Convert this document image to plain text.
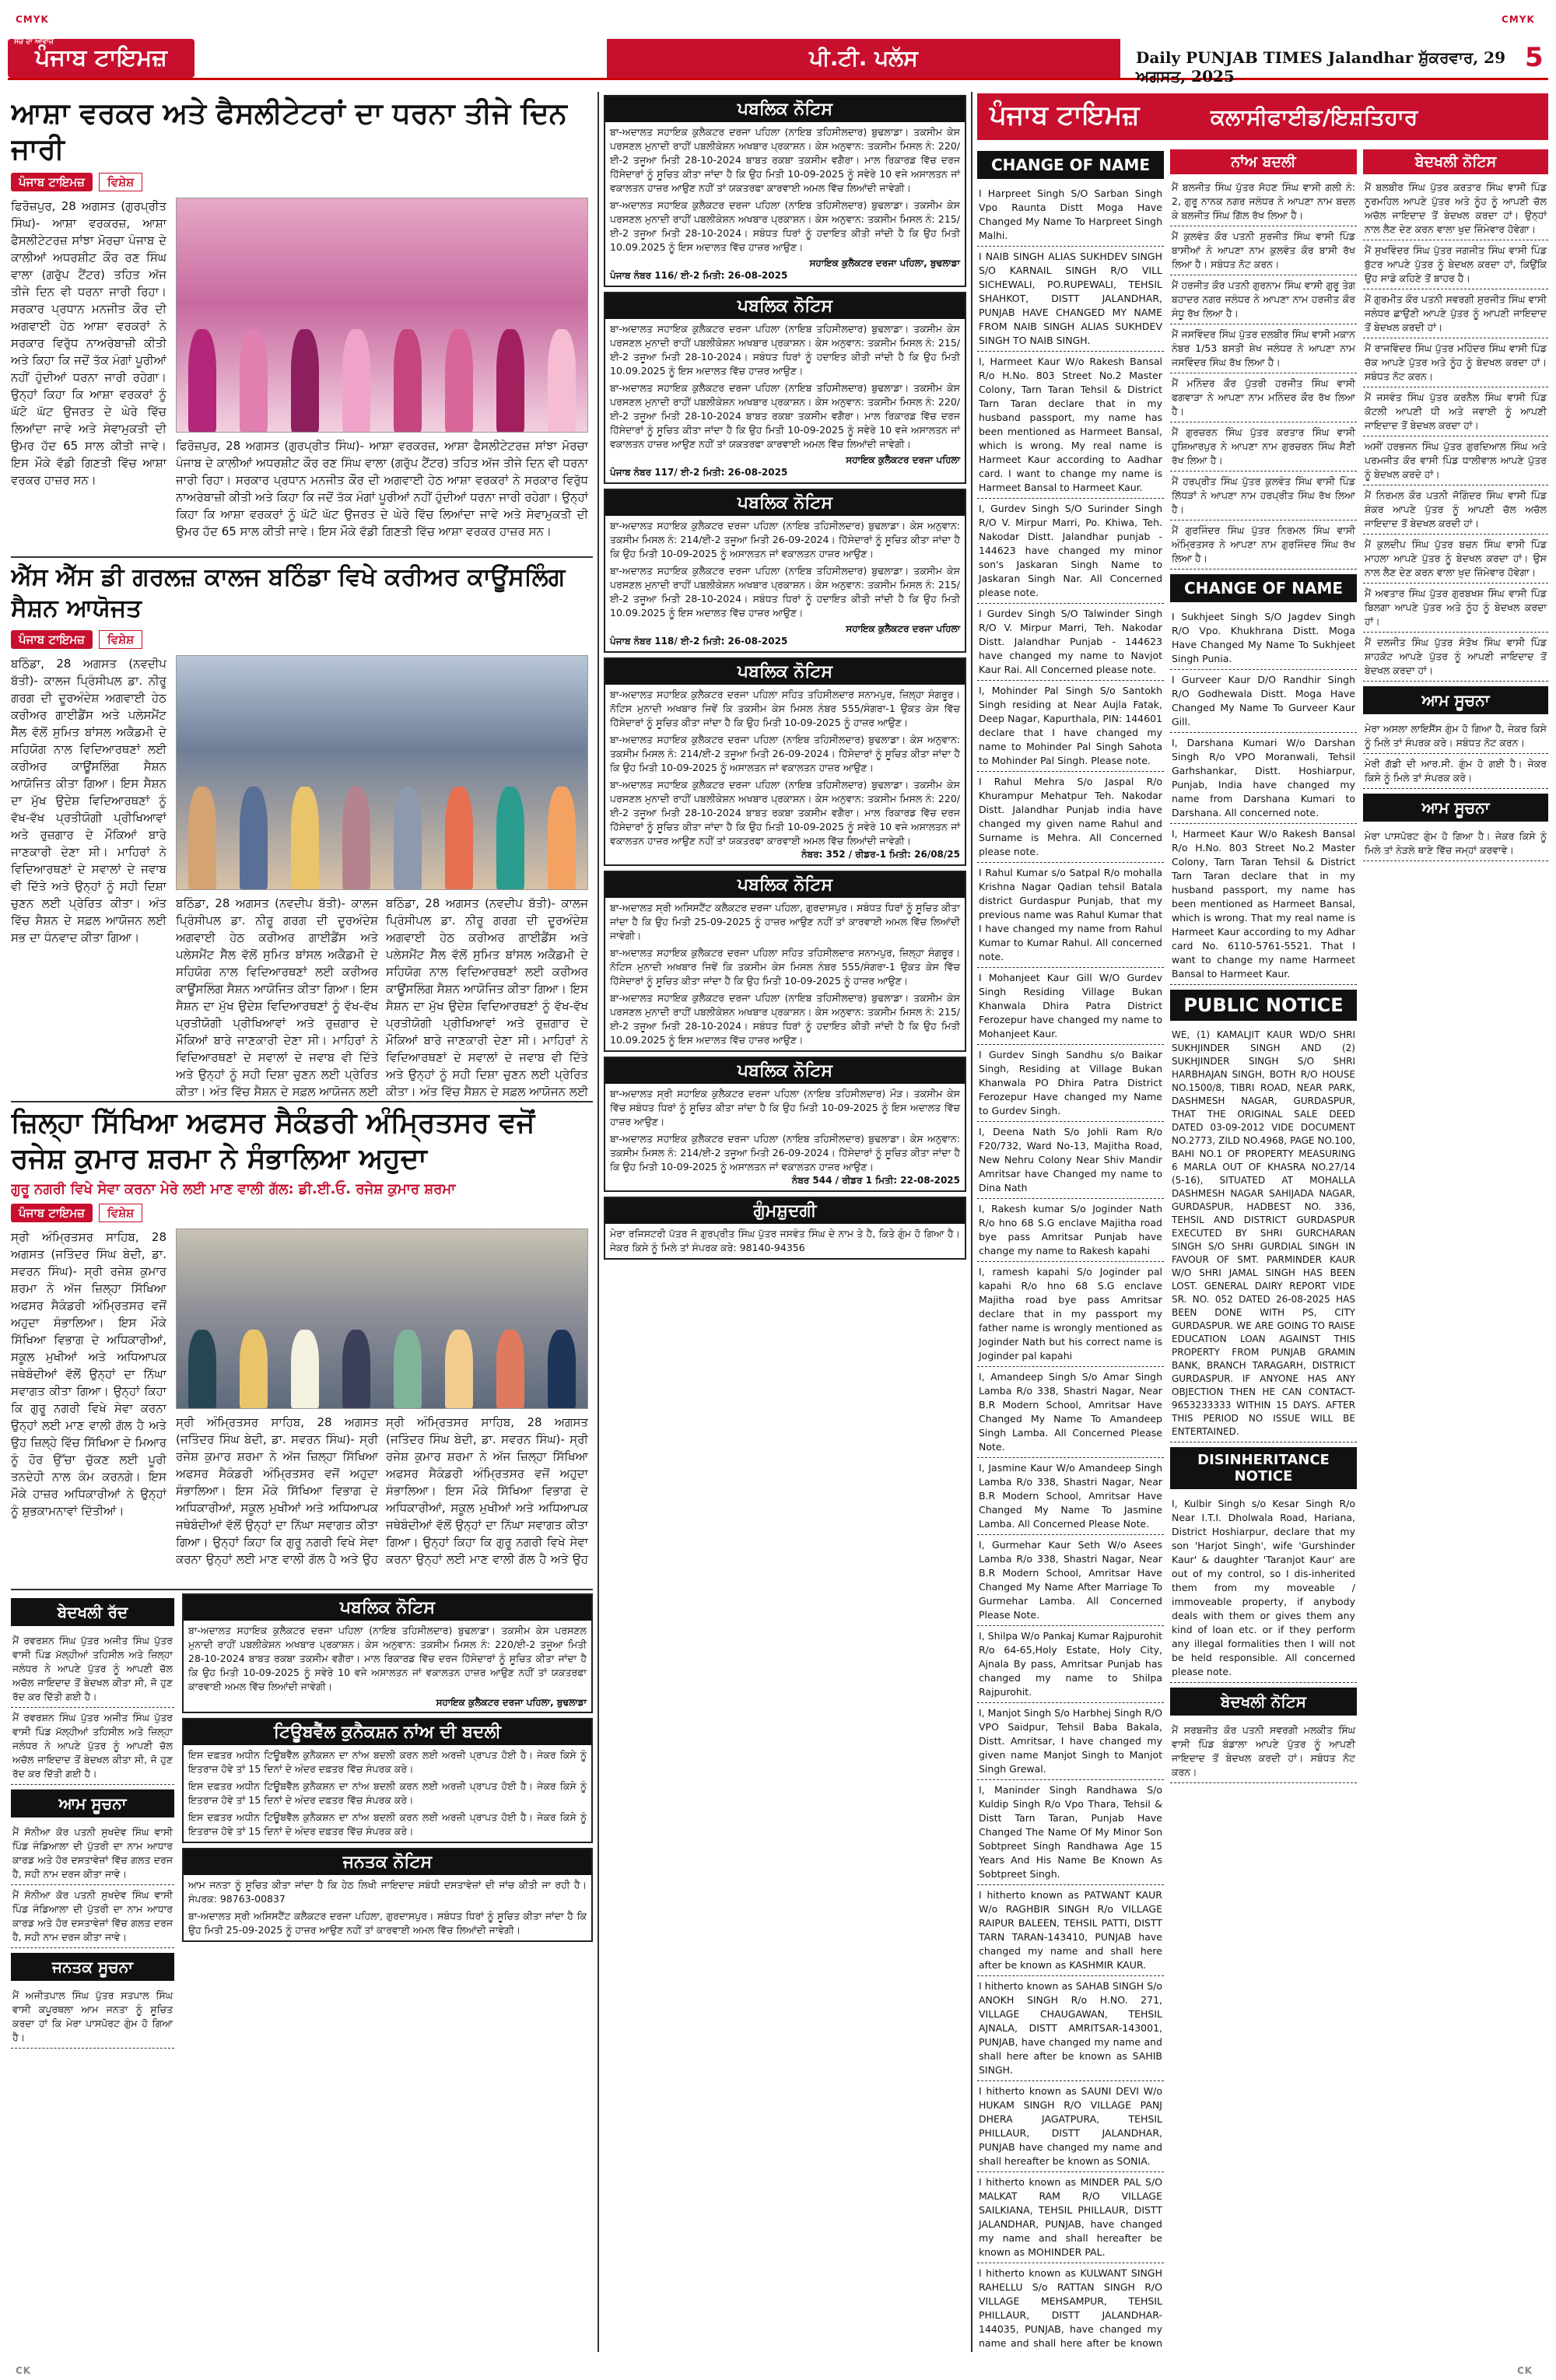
CMYK	CMYK
CK	CK
ਸਚ ਦਾ ਆਵਾਜ
ਪੰਜਾਬ ਟਾਇਮਜ਼	ਪੀ.ਟੀ. ਪਲੱਸ	Daily PUNJAB TIMES Jalandhar ਸ਼ੁੱਕਰਵਾਰ, 29 ਅਗਸਤ, 2025
5
ਆਸ਼ਾ ਵਰਕਰ ਅਤੇ ਫੈਸਲੀਟੇਟਰਾਂ ਦਾ ਧਰਨਾ ਤੀਜੇ ਦਿਨ ਜਾਰੀ
ਪੰਜਾਬ ਟਾਇਮਜ਼	ਵਿਸ਼ੇਸ਼
ਫਿਰੋਜ਼ਪੁਰ, 28 ਅਗਸਤ (ਗੁਰਪ੍ਰੀਤ ਸਿੰਘ)- ਆਸ਼ਾ ਵਰਕਰਜ਼, ਆਸ਼ਾ ਫੈਸਲੀਟੇਟਰਜ਼ ਸਾਂਝਾ ਮੋਰਚਾ ਪੰਜਾਬ ਦੇ ਕਾਲੀਆਂ ਅਧਰਸ਼ੀਟ ਕੌਰ ਰਣ ਸਿੰਘ ਵਾਲਾ (ਗਰੁੱਪ ਟੈਂਟਰ) ਤਹਿਤ ਅੱਜ ਤੀਜੇ ਦਿਨ ਵੀ ਧਰਨਾ ਜਾਰੀ ਰਿਹਾ। ਸਰਕਾਰ ਪ੍ਰਧਾਨ ਮਨਜੀਤ ਕੌਰ ਦੀ ਅਗਵਾਈ ਹੇਠ ਆਸ਼ਾ ਵਰਕਰਾਂ ਨੇ ਸਰਕਾਰ ਵਿਰੁੱਧ ਨਾਅਰੇਬਾਜ਼ੀ ਕੀਤੀ ਅਤੇ ਕਿਹਾ ਕਿ ਜਦੋਂ ਤੱਕ ਮੰਗਾਂ ਪੂਰੀਆਂ ਨਹੀਂ ਹੁੰਦੀਆਂ ਧਰਨਾ ਜਾਰੀ ਰਹੇਗਾ। ਉਨ੍ਹਾਂ ਕਿਹਾ ਕਿ ਆਸ਼ਾ ਵਰਕਰਾਂ ਨੂੰ ਘੱਟੋ ਘੱਟ ਉਜਰਤ ਦੇ ਘੇਰੇ ਵਿੱਚ ਲਿਆਂਦਾ ਜਾਵੇ ਅਤੇ ਸੇਵਾਮੁਕਤੀ ਦੀ ਉਮਰ ਹੱਦ 65 ਸਾਲ ਕੀਤੀ ਜਾਵੇ। ਇਸ ਮੌਕੇ ਵੱਡੀ ਗਿਣਤੀ ਵਿੱਚ ਆਸ਼ਾ ਵਰਕਰ ਹਾਜ਼ਰ ਸਨ।
ਫਿਰੋਜ਼ਪੁਰ, 28 ਅਗਸਤ (ਗੁਰਪ੍ਰੀਤ ਸਿੰਘ)- ਆਸ਼ਾ ਵਰਕਰਜ਼, ਆਸ਼ਾ ਫੈਸਲੀਟੇਟਰਜ਼ ਸਾਂਝਾ ਮੋਰਚਾ ਪੰਜਾਬ ਦੇ ਕਾਲੀਆਂ ਅਧਰਸ਼ੀਟ ਕੌਰ ਰਣ ਸਿੰਘ ਵਾਲਾ (ਗਰੁੱਪ ਟੈਂਟਰ) ਤਹਿਤ ਅੱਜ ਤੀਜੇ ਦਿਨ ਵੀ ਧਰਨਾ ਜਾਰੀ ਰਿਹਾ। ਸਰਕਾਰ ਪ੍ਰਧਾਨ ਮਨਜੀਤ ਕੌਰ ਦੀ ਅਗਵਾਈ ਹੇਠ ਆਸ਼ਾ ਵਰਕਰਾਂ ਨੇ ਸਰਕਾਰ ਵਿਰੁੱਧ ਨਾਅਰੇਬਾਜ਼ੀ ਕੀਤੀ ਅਤੇ ਕਿਹਾ ਕਿ ਜਦੋਂ ਤੱਕ ਮੰਗਾਂ ਪੂਰੀਆਂ ਨਹੀਂ ਹੁੰਦੀਆਂ ਧਰਨਾ ਜਾਰੀ ਰਹੇਗਾ। ਉਨ੍ਹਾਂ ਕਿਹਾ ਕਿ ਆਸ਼ਾ ਵਰਕਰਾਂ ਨੂੰ ਘੱਟੋ ਘੱਟ ਉਜਰਤ ਦੇ ਘੇਰੇ ਵਿੱਚ ਲਿਆਂਦਾ ਜਾਵੇ ਅਤੇ ਸੇਵਾਮੁਕਤੀ ਦੀ ਉਮਰ ਹੱਦ 65 ਸਾਲ ਕੀਤੀ ਜਾਵੇ। ਇਸ ਮੌਕੇ ਵੱਡੀ ਗਿਣਤੀ ਵਿੱਚ ਆਸ਼ਾ ਵਰਕਰ ਹਾਜ਼ਰ ਸਨ।
ਐੱਸ ਐੱਸ ਡੀ ਗਰਲਜ਼ ਕਾਲਜ ਬਠਿੰਡਾ ਵਿਖੇ ਕਰੀਅਰ ਕਾਊਂਸਲਿੰਗ ਸੈਸ਼ਨ ਆਯੋਜਤ
ਪੰਜਾਬ ਟਾਇਮਜ਼	ਵਿਸ਼ੇਸ਼
ਬਠਿੰਡਾ, 28 ਅਗਸਤ (ਨਵਦੀਪ ਬੱਤੀ)- ਕਾਲਜ ਪ੍ਰਿੰਸੀਪਲ ਡਾ. ਨੀਰੂ ਗਰਗ ਦੀ ਦੂਰਅੰਦੇਸ਼ ਅਗਵਾਈ ਹੇਠ ਕਰੀਅਰ ਗਾਈਡੈਂਸ ਅਤੇ ਪਲੇਸਮੈਂਟ ਸੈੱਲ ਵੱਲੋਂ ਸੁਮਿਤ ਬਾਂਸਲ ਅਕੈਡਮੀ ਦੇ ਸਹਿਯੋਗ ਨਾਲ ਵਿਦਿਆਰਥਣਾਂ ਲਈ ਕਰੀਅਰ ਕਾਊਂਸਲਿੰਗ ਸੈਸ਼ਨ ਆਯੋਜਿਤ ਕੀਤਾ ਗਿਆ। ਇਸ ਸੈਸ਼ਨ ਦਾ ਮੁੱਖ ਉਦੇਸ਼ ਵਿਦਿਆਰਥਣਾਂ ਨੂੰ ਵੱਖ-ਵੱਖ ਪ੍ਰਤੀਯੋਗੀ ਪ੍ਰੀਖਿਆਵਾਂ ਅਤੇ ਰੁਜ਼ਗਾਰ ਦੇ ਮੌਕਿਆਂ ਬਾਰੇ ਜਾਣਕਾਰੀ ਦੇਣਾ ਸੀ। ਮਾਹਿਰਾਂ ਨੇ ਵਿਦਿਆਰਥਣਾਂ ਦੇ ਸਵਾਲਾਂ ਦੇ ਜਵਾਬ ਵੀ ਦਿੱਤੇ ਅਤੇ ਉਨ੍ਹਾਂ ਨੂੰ ਸਹੀ ਦਿਸ਼ਾ ਚੁਣਨ ਲਈ ਪ੍ਰੇਰਿਤ ਕੀਤਾ। ਅੰਤ ਵਿੱਚ ਸੈਸ਼ਨ ਦੇ ਸਫ਼ਲ ਆਯੋਜਨ ਲਈ ਸਭ ਦਾ ਧੰਨਵਾਦ ਕੀਤਾ ਗਿਆ।
ਬਠਿੰਡਾ, 28 ਅਗਸਤ (ਨਵਦੀਪ ਬੱਤੀ)- ਕਾਲਜ ਪ੍ਰਿੰਸੀਪਲ ਡਾ. ਨੀਰੂ ਗਰਗ ਦੀ ਦੂਰਅੰਦੇਸ਼ ਅਗਵਾਈ ਹੇਠ ਕਰੀਅਰ ਗਾਈਡੈਂਸ ਅਤੇ ਪਲੇਸਮੈਂਟ ਸੈੱਲ ਵੱਲੋਂ ਸੁਮਿਤ ਬਾਂਸਲ ਅਕੈਡਮੀ ਦੇ ਸਹਿਯੋਗ ਨਾਲ ਵਿਦਿਆਰਥਣਾਂ ਲਈ ਕਰੀਅਰ ਕਾਊਂਸਲਿੰਗ ਸੈਸ਼ਨ ਆਯੋਜਿਤ ਕੀਤਾ ਗਿਆ। ਇਸ ਸੈਸ਼ਨ ਦਾ ਮੁੱਖ ਉਦੇਸ਼ ਵਿਦਿਆਰਥਣਾਂ ਨੂੰ ਵੱਖ-ਵੱਖ ਪ੍ਰਤੀਯੋਗੀ ਪ੍ਰੀਖਿਆਵਾਂ ਅਤੇ ਰੁਜ਼ਗਾਰ ਦੇ ਮੌਕਿਆਂ ਬਾਰੇ ਜਾਣਕਾਰੀ ਦੇਣਾ ਸੀ। ਮਾਹਿਰਾਂ ਨੇ ਵਿਦਿਆਰਥਣਾਂ ਦੇ ਸਵਾਲਾਂ ਦੇ ਜਵਾਬ ਵੀ ਦਿੱਤੇ ਅਤੇ ਉਨ੍ਹਾਂ ਨੂੰ ਸਹੀ ਦਿਸ਼ਾ ਚੁਣਨ ਲਈ ਪ੍ਰੇਰਿਤ ਕੀਤਾ। ਅੰਤ ਵਿੱਚ ਸੈਸ਼ਨ ਦੇ ਸਫ਼ਲ ਆਯੋਜਨ ਲਈ
ਬਠਿੰਡਾ, 28 ਅਗਸਤ (ਨਵਦੀਪ ਬੱਤੀ)- ਕਾਲਜ ਪ੍ਰਿੰਸੀਪਲ ਡਾ. ਨੀਰੂ ਗਰਗ ਦੀ ਦੂਰਅੰਦੇਸ਼ ਅਗਵਾਈ ਹੇਠ ਕਰੀਅਰ ਗਾਈਡੈਂਸ ਅਤੇ ਪਲੇਸਮੈਂਟ ਸੈੱਲ ਵੱਲੋਂ ਸੁਮਿਤ ਬਾਂਸਲ ਅਕੈਡਮੀ ਦੇ ਸਹਿਯੋਗ ਨਾਲ ਵਿਦਿਆਰਥਣਾਂ ਲਈ ਕਰੀਅਰ ਕਾਊਂਸਲਿੰਗ ਸੈਸ਼ਨ ਆਯੋਜਿਤ ਕੀਤਾ ਗਿਆ। ਇਸ ਸੈਸ਼ਨ ਦਾ ਮੁੱਖ ਉਦੇਸ਼ ਵਿਦਿਆਰਥਣਾਂ ਨੂੰ ਵੱਖ-ਵੱਖ ਪ੍ਰਤੀਯੋਗੀ ਪ੍ਰੀਖਿਆਵਾਂ ਅਤੇ ਰੁਜ਼ਗਾਰ ਦੇ ਮੌਕਿਆਂ ਬਾਰੇ ਜਾਣਕਾਰੀ ਦੇਣਾ ਸੀ। ਮਾਹਿਰਾਂ ਨੇ ਵਿਦਿਆਰਥਣਾਂ ਦੇ ਸਵਾਲਾਂ ਦੇ ਜਵਾਬ ਵੀ ਦਿੱਤੇ ਅਤੇ ਉਨ੍ਹਾਂ ਨੂੰ ਸਹੀ ਦਿਸ਼ਾ ਚੁਣਨ ਲਈ ਪ੍ਰੇਰਿਤ ਕੀਤਾ। ਅੰਤ ਵਿੱਚ ਸੈਸ਼ਨ ਦੇ ਸਫ਼ਲ ਆਯੋਜਨ ਲਈ
ਜ਼ਿਲ੍ਹਾ ਸਿੱਖਿਆ ਅਫਸਰ ਸੈਕੰਡਰੀ ਅੰਮ੍ਰਿਤਸਰ ਵਜੋਂ
ਰਜੇਸ਼ ਕੁਮਾਰ ਸ਼ਰਮਾ ਨੇ ਸੰਭਾਲਿਆ ਅਹੁਦਾ
ਗੁਰੂ ਨਗਰੀ ਵਿਖੇ ਸੇਵਾ ਕਰਨਾ ਮੇਰੇ ਲਈ ਮਾਣ ਵਾਲੀ ਗੱਲ: ਡੀ.ਈ.ਓ. ਰਜੇਸ਼ ਕੁਮਾਰ ਸ਼ਰਮਾ
ਪੰਜਾਬ ਟਾਇਮਜ਼	ਵਿਸ਼ੇਸ਼
ਸ੍ਰੀ ਅੰਮ੍ਰਿਤਸਰ ਸਾਹਿਬ, 28 ਅਗਸਤ (ਜਤਿੰਦਰ ਸਿੰਘ ਬੇਦੀ, ਡਾ. ਸਵਰਨ ਸਿੰਘ)- ਸ੍ਰੀ ਰਜੇਸ਼ ਕੁਮਾਰ ਸ਼ਰਮਾ ਨੇ ਅੱਜ ਜ਼ਿਲ੍ਹਾ ਸਿੱਖਿਆ ਅਫਸਰ ਸੈਕੰਡਰੀ ਅੰਮ੍ਰਿਤਸਰ ਵਜੋਂ ਅਹੁਦਾ ਸੰਭਾਲਿਆ। ਇਸ ਮੌਕੇ ਸਿੱਖਿਆ ਵਿਭਾਗ ਦੇ ਅਧਿਕਾਰੀਆਂ, ਸਕੂਲ ਮੁਖੀਆਂ ਅਤੇ ਅਧਿਆਪਕ ਜਥੇਬੰਦੀਆਂ ਵੱਲੋਂ ਉਨ੍ਹਾਂ ਦਾ ਨਿੱਘਾ ਸਵਾਗਤ ਕੀਤਾ ਗਿਆ। ਉਨ੍ਹਾਂ ਕਿਹਾ ਕਿ ਗੁਰੂ ਨਗਰੀ ਵਿਖੇ ਸੇਵਾ ਕਰਨਾ ਉਨ੍ਹਾਂ ਲਈ ਮਾਣ ਵਾਲੀ ਗੱਲ ਹੈ ਅਤੇ ਉਹ ਜ਼ਿਲ੍ਹੇ ਵਿੱਚ ਸਿੱਖਿਆ ਦੇ ਮਿਆਰ ਨੂੰ ਹੋਰ ਉੱਚਾ ਚੁੱਕਣ ਲਈ ਪੂਰੀ ਤਨਦੇਹੀ ਨਾਲ ਕੰਮ ਕਰਨਗੇ। ਇਸ ਮੌਕੇ ਹਾਜ਼ਰ ਅਧਿਕਾਰੀਆਂ ਨੇ ਉਨ੍ਹਾਂ ਨੂੰ ਸ਼ੁਭਕਾਮਨਾਵਾਂ ਦਿੱਤੀਆਂ।
ਸ੍ਰੀ ਅੰਮ੍ਰਿਤਸਰ ਸਾਹਿਬ, 28 ਅਗਸਤ (ਜਤਿੰਦਰ ਸਿੰਘ ਬੇਦੀ, ਡਾ. ਸਵਰਨ ਸਿੰਘ)- ਸ੍ਰੀ ਰਜੇਸ਼ ਕੁਮਾਰ ਸ਼ਰਮਾ ਨੇ ਅੱਜ ਜ਼ਿਲ੍ਹਾ ਸਿੱਖਿਆ ਅਫਸਰ ਸੈਕੰਡਰੀ ਅੰਮ੍ਰਿਤਸਰ ਵਜੋਂ ਅਹੁਦਾ ਸੰਭਾਲਿਆ। ਇਸ ਮੌਕੇ ਸਿੱਖਿਆ ਵਿਭਾਗ ਦੇ ਅਧਿਕਾਰੀਆਂ, ਸਕੂਲ ਮੁਖੀਆਂ ਅਤੇ ਅਧਿਆਪਕ ਜਥੇਬੰਦੀਆਂ ਵੱਲੋਂ ਉਨ੍ਹਾਂ ਦਾ ਨਿੱਘਾ ਸਵਾਗਤ ਕੀਤਾ ਗਿਆ। ਉਨ੍ਹਾਂ ਕਿਹਾ ਕਿ ਗੁਰੂ ਨਗਰੀ ਵਿਖੇ ਸੇਵਾ ਕਰਨਾ ਉਨ੍ਹਾਂ ਲਈ ਮਾਣ ਵਾਲੀ ਗੱਲ ਹੈ ਅਤੇ ਉਹ
ਸ੍ਰੀ ਅੰਮ੍ਰਿਤਸਰ ਸਾਹਿਬ, 28 ਅਗਸਤ (ਜਤਿੰਦਰ ਸਿੰਘ ਬੇਦੀ, ਡਾ. ਸਵਰਨ ਸਿੰਘ)- ਸ੍ਰੀ ਰਜੇਸ਼ ਕੁਮਾਰ ਸ਼ਰਮਾ ਨੇ ਅੱਜ ਜ਼ਿਲ੍ਹਾ ਸਿੱਖਿਆ ਅਫਸਰ ਸੈਕੰਡਰੀ ਅੰਮ੍ਰਿਤਸਰ ਵਜੋਂ ਅਹੁਦਾ ਸੰਭਾਲਿਆ। ਇਸ ਮੌਕੇ ਸਿੱਖਿਆ ਵਿਭਾਗ ਦੇ ਅਧਿਕਾਰੀਆਂ, ਸਕੂਲ ਮੁਖੀਆਂ ਅਤੇ ਅਧਿਆਪਕ ਜਥੇਬੰਦੀਆਂ ਵੱਲੋਂ ਉਨ੍ਹਾਂ ਦਾ ਨਿੱਘਾ ਸਵਾਗਤ ਕੀਤਾ ਗਿਆ। ਉਨ੍ਹਾਂ ਕਿਹਾ ਕਿ ਗੁਰੂ ਨਗਰੀ ਵਿਖੇ ਸੇਵਾ ਕਰਨਾ ਉਨ੍ਹਾਂ ਲਈ ਮਾਣ ਵਾਲੀ ਗੱਲ ਹੈ ਅਤੇ ਉਹ
ਬੇਦਖਲੀ ਰੱਦ
ਮੈਂ ਰਵਰਸ਼ਨ ਸਿੰਘ ਪੁੱਤਰ ਅਜੀਤ ਸਿੰਘ ਪੁੱਤਰ ਵਾਸੀ ਪਿੰਡ ਮੱਲ੍ਹੀਆਂ ਤਹਿਸੀਲ ਅਤੇ ਜ਼ਿਲ੍ਹਾ ਜਲੰਧਰ ਨੇ ਆਪਣੇ ਪੁੱਤਰ ਨੂੰ ਆਪਣੀ ਚੱਲ ਅਚੱਲ ਜਾਇਦਾਦ ਤੋਂ ਬੇਦਖਲ ਕੀਤਾ ਸੀ, ਜੋ ਹੁਣ ਰੱਦ ਕਰ ਦਿੱਤੀ ਗਈ ਹੈ।
ਮੈਂ ਰਵਰਸ਼ਨ ਸਿੰਘ ਪੁੱਤਰ ਅਜੀਤ ਸਿੰਘ ਪੁੱਤਰ ਵਾਸੀ ਪਿੰਡ ਮੱਲ੍ਹੀਆਂ ਤਹਿਸੀਲ ਅਤੇ ਜ਼ਿਲ੍ਹਾ ਜਲੰਧਰ ਨੇ ਆਪਣੇ ਪੁੱਤਰ ਨੂੰ ਆਪਣੀ ਚੱਲ ਅਚੱਲ ਜਾਇਦਾਦ ਤੋਂ ਬੇਦਖਲ ਕੀਤਾ ਸੀ, ਜੋ ਹੁਣ ਰੱਦ ਕਰ ਦਿੱਤੀ ਗਈ ਹੈ।
ਆਮ ਸੂਚਨਾ
ਮੈਂ ਸੋਨੀਆ ਕੋਰ ਪਤਨੀ ਸੁਖਦੇਵ ਸਿੰਘ ਵਾਸੀ ਪਿੰਡ ਜੰਡਿਆਲਾ ਦੀ ਪੁੱਤਰੀ ਦਾ ਨਾਮ ਆਧਾਰ ਕਾਰਡ ਅਤੇ ਹੋਰ ਦਸਤਾਵੇਜ਼ਾਂ ਵਿੱਚ ਗਲਤ ਦਰਜ ਹੈ, ਸਹੀ ਨਾਮ ਦਰਜ ਕੀਤਾ ਜਾਵੇ।
ਮੈਂ ਸੋਨੀਆ ਕੋਰ ਪਤਨੀ ਸੁਖਦੇਵ ਸਿੰਘ ਵਾਸੀ ਪਿੰਡ ਜੰਡਿਆਲਾ ਦੀ ਪੁੱਤਰੀ ਦਾ ਨਾਮ ਆਧਾਰ ਕਾਰਡ ਅਤੇ ਹੋਰ ਦਸਤਾਵੇਜ਼ਾਂ ਵਿੱਚ ਗਲਤ ਦਰਜ ਹੈ, ਸਹੀ ਨਾਮ ਦਰਜ ਕੀਤਾ ਜਾਵੇ।
ਜਨਤਕ ਸੂਚਨਾ
ਮੈਂ ਅਜੀਤਪਾਲ ਸਿੰਘ ਪੁੱਤਰ ਸਤਪਾਲ ਸਿੰਘ ਵਾਸੀ ਕਪੂਰਥਲਾ ਆਮ ਜਨਤਾ ਨੂੰ ਸੂਚਿਤ ਕਰਦਾ ਹਾਂ ਕਿ ਮੇਰਾ ਪਾਸਪੋਰਟ ਗੁੰਮ ਹੋ ਗਿਆ ਹੈ।
ਪਬਲਿਕ ਨੋਟਿਸ
ਬਾ-ਅਦਾਲਤ ਸਹਾਇਕ ਕੁਲੈਕਟਰ ਦਰਜਾ ਪਹਿਲਾ (ਨਾਇਬ ਤਹਿਸੀਲਦਾਰ) ਬੁਢਲਾਡਾ। ਤਕਸੀਮ ਕੇਸ ਪਰਸਣਲ ਮੁਨਾਦੀ ਰਾਹੀਂ ਪਬਲੀਕੇਸ਼ਨ ਅਖਬਾਰ ਪ੍ਰਕਾਸ਼ਨ। ਕੇਸ ਅਨੁਵਾਨ: ਤਕਸੀਮ ਮਿਸਲ ਨੰ: 220/ਈ-2 ਤਜੂਆ ਮਿਤੀ 28-10-2024 ਬਾਬਤ ਰਕਬਾ ਤਕਸੀਮ ਵਗੈਰਾ। ਮਾਲ ਰਿਕਾਰਡ ਵਿੱਚ ਦਰਜ ਹਿੱਸੇਦਾਰਾਂ ਨੂੰ ਸੂਚਿਤ ਕੀਤਾ ਜਾਂਦਾ ਹੈ ਕਿ ਉਹ ਮਿਤੀ 10-09-2025 ਨੂੰ ਸਵੇਰੇ 10 ਵਜੇ ਅਸਾਲਤਨ ਜਾਂ ਵਕਾਲਤਨ ਹਾਜ਼ਰ ਆਉਣ ਨਹੀਂ ਤਾਂ ਯਕਤਰਫਾ ਕਾਰਵਾਈ ਅਮਲ ਵਿੱਚ ਲਿਆਂਦੀ ਜਾਵੇਗੀ।
ਸਹਾਇਕ ਕੁਲੈਕਟਰ ਦਰਜਾ ਪਹਿਲਾ, ਬੁਢਲਾਡਾ
ਟਿਊਬਵੈੱਲ ਕੁਨੈਕਸ਼ਨ ਨਾਂਅ ਦੀ ਬਦਲੀ
ਇਸ ਦਫ਼ਤਰ ਅਧੀਨ ਟਿਊਬਵੈੱਲ ਕੁਨੈਕਸ਼ਨ ਦਾ ਨਾਂਅ ਬਦਲੀ ਕਰਨ ਲਈ ਅਰਜ਼ੀ ਪ੍ਰਾਪਤ ਹੋਈ ਹੈ। ਜੇਕਰ ਕਿਸੇ ਨੂੰ ਇਤਰਾਜ਼ ਹੋਵੇ ਤਾਂ 15 ਦਿਨਾਂ ਦੇ ਅੰਦਰ ਦਫ਼ਤਰ ਵਿੱਚ ਸੰਪਰਕ ਕਰੇ।
ਇਸ ਦਫ਼ਤਰ ਅਧੀਨ ਟਿਊਬਵੈੱਲ ਕੁਨੈਕਸ਼ਨ ਦਾ ਨਾਂਅ ਬਦਲੀ ਕਰਨ ਲਈ ਅਰਜ਼ੀ ਪ੍ਰਾਪਤ ਹੋਈ ਹੈ। ਜੇਕਰ ਕਿਸੇ ਨੂੰ ਇਤਰਾਜ਼ ਹੋਵੇ ਤਾਂ 15 ਦਿਨਾਂ ਦੇ ਅੰਦਰ ਦਫ਼ਤਰ ਵਿੱਚ ਸੰਪਰਕ ਕਰੇ।
ਇਸ ਦਫ਼ਤਰ ਅਧੀਨ ਟਿਊਬਵੈੱਲ ਕੁਨੈਕਸ਼ਨ ਦਾ ਨਾਂਅ ਬਦਲੀ ਕਰਨ ਲਈ ਅਰਜ਼ੀ ਪ੍ਰਾਪਤ ਹੋਈ ਹੈ। ਜੇਕਰ ਕਿਸੇ ਨੂੰ ਇਤਰਾਜ਼ ਹੋਵੇ ਤਾਂ 15 ਦਿਨਾਂ ਦੇ ਅੰਦਰ ਦਫ਼ਤਰ ਵਿੱਚ ਸੰਪਰਕ ਕਰੇ।
ਜਨਤਕ ਨੋਟਿਸ
ਆਮ ਜਨਤਾ ਨੂੰ ਸੂਚਿਤ ਕੀਤਾ ਜਾਂਦਾ ਹੈ ਕਿ ਹੇਠ ਲਿਖੀ ਜਾਇਦਾਦ ਸਬੰਧੀ ਦਸਤਾਵੇਜ਼ਾਂ ਦੀ ਜਾਂਚ ਕੀਤੀ ਜਾ ਰਹੀ ਹੈ। ਸੰਪਰਕ: 98763-00837
ਬਾ-ਅਦਾਲਤ ਸ੍ਰੀ ਅਸਿਸਟੈਂਟ ਕਲੈਕਟਰ ਦਰਜਾ ਪਹਿਲਾ, ਗੁਰਦਾਸਪੁਰ। ਸਬੰਧਤ ਧਿਰਾਂ ਨੂੰ ਸੂਚਿਤ ਕੀਤਾ ਜਾਂਦਾ ਹੈ ਕਿ ਉਹ ਮਿਤੀ 25-09-2025 ਨੂੰ ਹਾਜ਼ਰ ਆਉਣ ਨਹੀਂ ਤਾਂ ਕਾਰਵਾਈ ਅਮਲ ਵਿੱਚ ਲਿਆਂਦੀ ਜਾਵੇਗੀ।
ਪਬਲਿਕ ਨੋਟਿਸ
ਬਾ-ਅਦਾਲਤ ਸਹਾਇਕ ਕੁਲੈਕਟਰ ਦਰਜਾ ਪਹਿਲਾ (ਨਾਇਬ ਤਹਿਸੀਲਦਾਰ) ਬੁਢਲਾਡਾ। ਤਕਸੀਮ ਕੇਸ ਪਰਸਣਲ ਮੁਨਾਦੀ ਰਾਹੀਂ ਪਬਲੀਕੇਸ਼ਨ ਅਖਬਾਰ ਪ੍ਰਕਾਸ਼ਨ। ਕੇਸ ਅਨੁਵਾਨ: ਤਕਸੀਮ ਮਿਸਲ ਨੰ: 220/ਈ-2 ਤਜੂਆ ਮਿਤੀ 28-10-2024 ਬਾਬਤ ਰਕਬਾ ਤਕਸੀਮ ਵਗੈਰਾ। ਮਾਲ ਰਿਕਾਰਡ ਵਿੱਚ ਦਰਜ ਹਿੱਸੇਦਾਰਾਂ ਨੂੰ ਸੂਚਿਤ ਕੀਤਾ ਜਾਂਦਾ ਹੈ ਕਿ ਉਹ ਮਿਤੀ 10-09-2025 ਨੂੰ ਸਵੇਰੇ 10 ਵਜੇ ਅਸਾਲਤਨ ਜਾਂ ਵਕਾਲਤਨ ਹਾਜ਼ਰ ਆਉਣ ਨਹੀਂ ਤਾਂ ਯਕਤਰਫਾ ਕਾਰਵਾਈ ਅਮਲ ਵਿੱਚ ਲਿਆਂਦੀ ਜਾਵੇਗੀ।
ਬਾ-ਅਦਾਲਤ ਸਹਾਇਕ ਕੁਲੈਕਟਰ ਦਰਜਾ ਪਹਿਲਾ (ਨਾਇਬ ਤਹਿਸੀਲਦਾਰ) ਬੁਢਲਾਡਾ। ਤਕਸੀਮ ਕੇਸ ਪਰਸਣਲ ਮੁਨਾਦੀ ਰਾਹੀਂ ਪਬਲੀਕੇਸ਼ਨ ਅਖਬਾਰ ਪ੍ਰਕਾਸ਼ਨ। ਕੇਸ ਅਨੁਵਾਨ: ਤਕਸੀਮ ਮਿਸਲ ਨੰ: 215/ਈ-2 ਤਜੂਆ ਮਿਤੀ 28-10-2024। ਸਬੰਧਤ ਧਿਰਾਂ ਨੂੰ ਹਦਾਇਤ ਕੀਤੀ ਜਾਂਦੀ ਹੈ ਕਿ ਉਹ ਮਿਤੀ 10.09.2025 ਨੂੰ ਇਸ ਅਦਾਲਤ ਵਿੱਚ ਹਾਜ਼ਰ ਆਉਣ।
ਸਹਾਇਕ ਕੁਲੈਕਟਰ ਦਰਜਾ ਪਹਿਲਾ, ਬੁਢਲਾਡਾ
ਪੰਜਾਬ ਨੰਬਰ 116/ ਈ-2 ਮਿਤੀ: 26-08-2025
ਪਬਲਿਕ ਨੋਟਿਸ
ਬਾ-ਅਦਾਲਤ ਸਹਾਇਕ ਕੁਲੈਕਟਰ ਦਰਜਾ ਪਹਿਲਾ (ਨਾਇਬ ਤਹਿਸੀਲਦਾਰ) ਬੁਢਲਾਡਾ। ਤਕਸੀਮ ਕੇਸ ਪਰਸਣਲ ਮੁਨਾਦੀ ਰਾਹੀਂ ਪਬਲੀਕੇਸ਼ਨ ਅਖਬਾਰ ਪ੍ਰਕਾਸ਼ਨ। ਕੇਸ ਅਨੁਵਾਨ: ਤਕਸੀਮ ਮਿਸਲ ਨੰ: 215/ਈ-2 ਤਜੂਆ ਮਿਤੀ 28-10-2024। ਸਬੰਧਤ ਧਿਰਾਂ ਨੂੰ ਹਦਾਇਤ ਕੀਤੀ ਜਾਂਦੀ ਹੈ ਕਿ ਉਹ ਮਿਤੀ 10.09.2025 ਨੂੰ ਇਸ ਅਦਾਲਤ ਵਿੱਚ ਹਾਜ਼ਰ ਆਉਣ।
ਬਾ-ਅਦਾਲਤ ਸਹਾਇਕ ਕੁਲੈਕਟਰ ਦਰਜਾ ਪਹਿਲਾ (ਨਾਇਬ ਤਹਿਸੀਲਦਾਰ) ਬੁਢਲਾਡਾ। ਤਕਸੀਮ ਕੇਸ ਪਰਸਣਲ ਮੁਨਾਦੀ ਰਾਹੀਂ ਪਬਲੀਕੇਸ਼ਨ ਅਖਬਾਰ ਪ੍ਰਕਾਸ਼ਨ। ਕੇਸ ਅਨੁਵਾਨ: ਤਕਸੀਮ ਮਿਸਲ ਨੰ: 220/ਈ-2 ਤਜੂਆ ਮਿਤੀ 28-10-2024 ਬਾਬਤ ਰਕਬਾ ਤਕਸੀਮ ਵਗੈਰਾ। ਮਾਲ ਰਿਕਾਰਡ ਵਿੱਚ ਦਰਜ ਹਿੱਸੇਦਾਰਾਂ ਨੂੰ ਸੂਚਿਤ ਕੀਤਾ ਜਾਂਦਾ ਹੈ ਕਿ ਉਹ ਮਿਤੀ 10-09-2025 ਨੂੰ ਸਵੇਰੇ 10 ਵਜੇ ਅਸਾਲਤਨ ਜਾਂ ਵਕਾਲਤਨ ਹਾਜ਼ਰ ਆਉਣ ਨਹੀਂ ਤਾਂ ਯਕਤਰਫਾ ਕਾਰਵਾਈ ਅਮਲ ਵਿੱਚ ਲਿਆਂਦੀ ਜਾਵੇਗੀ।
ਸਹਾਇਕ ਕੁਲੈਕਟਰ ਦਰਜਾ ਪਹਿਲਾ
ਪੰਜਾਬ ਨੰਬਰ 117/ ਈ-2 ਮਿਤੀ: 26-08-2025
ਪਬਲਿਕ ਨੋਟਿਸ
ਬਾ-ਅਦਾਲਤ ਸਹਾਇਕ ਕੁਲੈਕਟਰ ਦਰਜਾ ਪਹਿਲਾ (ਨਾਇਬ ਤਹਿਸੀਲਦਾਰ) ਬੁਢਲਾਡਾ। ਕੇਸ ਅਨੁਵਾਨ: ਤਕਸੀਮ ਮਿਸਲ ਨੰ: 214/ਈ-2 ਤਜੂਆ ਮਿਤੀ 26-09-2024। ਹਿੱਸੇਦਾਰਾਂ ਨੂੰ ਸੂਚਿਤ ਕੀਤਾ ਜਾਂਦਾ ਹੈ ਕਿ ਉਹ ਮਿਤੀ 10-09-2025 ਨੂੰ ਅਸਾਲਤਨ ਜਾਂ ਵਕਾਲਤਨ ਹਾਜ਼ਰ ਆਉਣ।
ਬਾ-ਅਦਾਲਤ ਸਹਾਇਕ ਕੁਲੈਕਟਰ ਦਰਜਾ ਪਹਿਲਾ (ਨਾਇਬ ਤਹਿਸੀਲਦਾਰ) ਬੁਢਲਾਡਾ। ਤਕਸੀਮ ਕੇਸ ਪਰਸਣਲ ਮੁਨਾਦੀ ਰਾਹੀਂ ਪਬਲੀਕੇਸ਼ਨ ਅਖਬਾਰ ਪ੍ਰਕਾਸ਼ਨ। ਕੇਸ ਅਨੁਵਾਨ: ਤਕਸੀਮ ਮਿਸਲ ਨੰ: 215/ਈ-2 ਤਜੂਆ ਮਿਤੀ 28-10-2024। ਸਬੰਧਤ ਧਿਰਾਂ ਨੂੰ ਹਦਾਇਤ ਕੀਤੀ ਜਾਂਦੀ ਹੈ ਕਿ ਉਹ ਮਿਤੀ 10.09.2025 ਨੂੰ ਇਸ ਅਦਾਲਤ ਵਿੱਚ ਹਾਜ਼ਰ ਆਉਣ।
ਸਹਾਇਕ ਕੁਲੈਕਟਰ ਦਰਜਾ ਪਹਿਲਾ
ਪੰਜਾਬ ਨੰਬਰ 118/ ਈ-2 ਮਿਤੀ: 26-08-2025
ਪਬਲਿਕ ਨੋਟਿਸ
ਬਾ-ਅਦਾਲਤ ਸਹਾਇਕ ਕੁਲੈਕਟਰ ਦਰਜਾ ਪਹਿਲਾ ਸਹਿਤ ਤਹਿਸੀਲਦਾਰ ਸਨਾਮਪੁਰ, ਜ਼ਿਲ੍ਹਾ ਸੰਗਰੂਰ। ਨੋਟਿਸ ਮੁਨਾਦੀ ਅਖਬਾਰ ਜਿਵੇਂ ਕਿ ਤਕਸੀਮ ਕੇਸ ਮਿਸਲ ਨੰਬਰ 555/ਸੰਗਰਾ-1 ਉਕਤ ਕੇਸ ਵਿੱਚ ਹਿੱਸੇਦਾਰਾਂ ਨੂੰ ਸੂਚਿਤ ਕੀਤਾ ਜਾਂਦਾ ਹੈ ਕਿ ਉਹ ਮਿਤੀ 10-09-2025 ਨੂੰ ਹਾਜ਼ਰ ਆਉਣ।
ਬਾ-ਅਦਾਲਤ ਸਹਾਇਕ ਕੁਲੈਕਟਰ ਦਰਜਾ ਪਹਿਲਾ (ਨਾਇਬ ਤਹਿਸੀਲਦਾਰ) ਬੁਢਲਾਡਾ। ਕੇਸ ਅਨੁਵਾਨ: ਤਕਸੀਮ ਮਿਸਲ ਨੰ: 214/ਈ-2 ਤਜੂਆ ਮਿਤੀ 26-09-2024। ਹਿੱਸੇਦਾਰਾਂ ਨੂੰ ਸੂਚਿਤ ਕੀਤਾ ਜਾਂਦਾ ਹੈ ਕਿ ਉਹ ਮਿਤੀ 10-09-2025 ਨੂੰ ਅਸਾਲਤਨ ਜਾਂ ਵਕਾਲਤਨ ਹਾਜ਼ਰ ਆਉਣ।
ਬਾ-ਅਦਾਲਤ ਸਹਾਇਕ ਕੁਲੈਕਟਰ ਦਰਜਾ ਪਹਿਲਾ (ਨਾਇਬ ਤਹਿਸੀਲਦਾਰ) ਬੁਢਲਾਡਾ। ਤਕਸੀਮ ਕੇਸ ਪਰਸਣਲ ਮੁਨਾਦੀ ਰਾਹੀਂ ਪਬਲੀਕੇਸ਼ਨ ਅਖਬਾਰ ਪ੍ਰਕਾਸ਼ਨ। ਕੇਸ ਅਨੁਵਾਨ: ਤਕਸੀਮ ਮਿਸਲ ਨੰ: 220/ਈ-2 ਤਜੂਆ ਮਿਤੀ 28-10-2024 ਬਾਬਤ ਰਕਬਾ ਤਕਸੀਮ ਵਗੈਰਾ। ਮਾਲ ਰਿਕਾਰਡ ਵਿੱਚ ਦਰਜ ਹਿੱਸੇਦਾਰਾਂ ਨੂੰ ਸੂਚਿਤ ਕੀਤਾ ਜਾਂਦਾ ਹੈ ਕਿ ਉਹ ਮਿਤੀ 10-09-2025 ਨੂੰ ਸਵੇਰੇ 10 ਵਜੇ ਅਸਾਲਤਨ ਜਾਂ ਵਕਾਲਤਨ ਹਾਜ਼ਰ ਆਉਣ ਨਹੀਂ ਤਾਂ ਯਕਤਰਫਾ ਕਾਰਵਾਈ ਅਮਲ ਵਿੱਚ ਲਿਆਂਦੀ ਜਾਵੇਗੀ।
ਨੰਬਰ: 352 / ਰੀਡਰ-1 ਮਿਤੀ: 26/08/25
ਪਬਲਿਕ ਨੋਟਿਸ
ਬਾ-ਅਦਾਲਤ ਸ੍ਰੀ ਅਸਿਸਟੈਂਟ ਕਲੈਕਟਰ ਦਰਜਾ ਪਹਿਲਾ, ਗੁਰਦਾਸਪੁਰ। ਸਬੰਧਤ ਧਿਰਾਂ ਨੂੰ ਸੂਚਿਤ ਕੀਤਾ ਜਾਂਦਾ ਹੈ ਕਿ ਉਹ ਮਿਤੀ 25-09-2025 ਨੂੰ ਹਾਜ਼ਰ ਆਉਣ ਨਹੀਂ ਤਾਂ ਕਾਰਵਾਈ ਅਮਲ ਵਿੱਚ ਲਿਆਂਦੀ ਜਾਵੇਗੀ।
ਬਾ-ਅਦਾਲਤ ਸਹਾਇਕ ਕੁਲੈਕਟਰ ਦਰਜਾ ਪਹਿਲਾ ਸਹਿਤ ਤਹਿਸੀਲਦਾਰ ਸਨਾਮਪੁਰ, ਜ਼ਿਲ੍ਹਾ ਸੰਗਰੂਰ। ਨੋਟਿਸ ਮੁਨਾਦੀ ਅਖਬਾਰ ਜਿਵੇਂ ਕਿ ਤਕਸੀਮ ਕੇਸ ਮਿਸਲ ਨੰਬਰ 555/ਸੰਗਰਾ-1 ਉਕਤ ਕੇਸ ਵਿੱਚ ਹਿੱਸੇਦਾਰਾਂ ਨੂੰ ਸੂਚਿਤ ਕੀਤਾ ਜਾਂਦਾ ਹੈ ਕਿ ਉਹ ਮਿਤੀ 10-09-2025 ਨੂੰ ਹਾਜ਼ਰ ਆਉਣ।
ਬਾ-ਅਦਾਲਤ ਸਹਾਇਕ ਕੁਲੈਕਟਰ ਦਰਜਾ ਪਹਿਲਾ (ਨਾਇਬ ਤਹਿਸੀਲਦਾਰ) ਬੁਢਲਾਡਾ। ਤਕਸੀਮ ਕੇਸ ਪਰਸਣਲ ਮੁਨਾਦੀ ਰਾਹੀਂ ਪਬਲੀਕੇਸ਼ਨ ਅਖਬਾਰ ਪ੍ਰਕਾਸ਼ਨ। ਕੇਸ ਅਨੁਵਾਨ: ਤਕਸੀਮ ਮਿਸਲ ਨੰ: 215/ਈ-2 ਤਜੂਆ ਮਿਤੀ 28-10-2024। ਸਬੰਧਤ ਧਿਰਾਂ ਨੂੰ ਹਦਾਇਤ ਕੀਤੀ ਜਾਂਦੀ ਹੈ ਕਿ ਉਹ ਮਿਤੀ 10.09.2025 ਨੂੰ ਇਸ ਅਦਾਲਤ ਵਿੱਚ ਹਾਜ਼ਰ ਆਉਣ।
ਪਬਲਿਕ ਨੋਟਿਸ
ਬਾ-ਅਦਾਲਤ ਸ੍ਰੀ ਸਹਾਇਕ ਕੁਲੈਕਟਰ ਦਰਜਾ ਪਹਿਲਾ (ਨਾਇਬ ਤਹਿਸੀਲਦਾਰ) ਮੌੜ। ਤਕਸੀਮ ਕੇਸ ਵਿੱਚ ਸਬੰਧਤ ਧਿਰਾਂ ਨੂੰ ਸੂਚਿਤ ਕੀਤਾ ਜਾਂਦਾ ਹੈ ਕਿ ਉਹ ਮਿਤੀ 10-09-2025 ਨੂੰ ਇਸ ਅਦਾਲਤ ਵਿੱਚ ਹਾਜ਼ਰ ਆਉਣ।
ਬਾ-ਅਦਾਲਤ ਸਹਾਇਕ ਕੁਲੈਕਟਰ ਦਰਜਾ ਪਹਿਲਾ (ਨਾਇਬ ਤਹਿਸੀਲਦਾਰ) ਬੁਢਲਾਡਾ। ਕੇਸ ਅਨੁਵਾਨ: ਤਕਸੀਮ ਮਿਸਲ ਨੰ: 214/ਈ-2 ਤਜੂਆ ਮਿਤੀ 26-09-2024। ਹਿੱਸੇਦਾਰਾਂ ਨੂੰ ਸੂਚਿਤ ਕੀਤਾ ਜਾਂਦਾ ਹੈ ਕਿ ਉਹ ਮਿਤੀ 10-09-2025 ਨੂੰ ਅਸਾਲਤਨ ਜਾਂ ਵਕਾਲਤਨ ਹਾਜ਼ਰ ਆਉਣ।
ਨੰਬਰ 544 / ਰੀਡਰ 1 ਮਿਤੀ: 22-08-2025
ਗੁੰਮਸ਼ੁਦਗੀ
ਮੇਰਾ ਰਜਿਸਟਰੀ ਪੱਤਰ ਜੋ ਗੁਰਪ੍ਰੀਤ ਸਿੰਘ ਪੁੱਤਰ ਜਸਵੰਤ ਸਿੰਘ ਦੇ ਨਾਮ ਤੇ ਹੈ, ਕਿਤੇ ਗੁੰਮ ਹੋ ਗਿਆ ਹੈ। ਜੇਕਰ ਕਿਸੇ ਨੂੰ ਮਿਲੇ ਤਾਂ ਸੰਪਰਕ ਕਰੇ: 98140-94356
ਪੰਜਾਬ ਟਾਇਮਜ਼	ਕਲਾਸੀਫਾਈਡ/ਇਸ਼ਤਿਹਾਰ
CHANGE OF NAME
I Harpreet Singh S/O Sarban Singh Vpo Raunta Distt Moga Have Changed My Name To Harpreet Singh Malhi.
I NAIB SINGH ALIAS SUKHDEV SINGH S/O KARNAIL SINGH R/O VILL SICHEWALI, PO.RUPEWALI, TEHSIL SHAHKOT, DISTT JALANDHAR, PUNJAB HAVE CHANGED MY NAME FROM NAIB SINGH ALIAS SUKHDEV SINGH TO NAIB SINGH.
I, Harmeet Kaur W/o Rakesh Bansal R/o H.No. 803 Street No.2 Master Colony, Tarn Taran Tehsil & District Tarn Taran declare that in my husband passport, my name has been mentioned as Harmeet Bansal, which is wrong. My real name is Harmeet Kaur according to Aadhar card. I want to change my name is Harmeet Bansal to Harmeet Kaur.
I, Gurdev Singh S/O Surinder Singh R/O V. Mirpur Marri, Po. Khiwa, Teh. Nakodar Distt. Jalandhar punjab - 144623 have changed my minor son's Jaskaran Singh Name to Jaskaran Singh Nar. All Concerned please note.
I Gurdev Singh S/O Talwinder Singh R/O V. Mirpur Marri, Teh. Nakodar Distt. Jalandhar Punjab - 144623 have changed my name to Navjot Kaur Rai. All Concerned please note.
I, Mohinder Pal Singh S/o Santokh Singh residing at Near Aujla Fatak, Deep Nagar, Kapurthala, PIN: 144601 declare that I have changed my name to Mohinder Pal Singh Sahota to Mohinder Pal Singh. Please note.
I Rahul Mehra S/o Jaspal R/o Khurampur Mehatpur Teh. Nakodar Distt. Jalandhar Punjab india have changed my given name Rahul and Surname is Mehra. All Concerned please note.
I Rahul Kumar s/o Satpal R/o mohalla Krishna Nagar Qadian tehsil Batala district Gurdaspur Punjab, that my previous name was Rahul Kumar that I have changed my name from Rahul Kumar to Kumar Rahul. All concerned note.
I Mohanjeet Kaur Gill W/O Gurdev Singh Residing Village Bukan Khanwala Dhira Patra District Ferozepur have changed my name to Mohanjeet Kaur.
I Gurdev Singh Sandhu s/o Baikar Singh, Residing at Village Bukan Khanwala PO Dhira Patra District Ferozepur Have changed my Name to Gurdev Singh.
I, Deena Nath S/o Johli Ram R/o F20/732, Ward No-13, Majitha Road, New Nehru Colony Near Shiv Mandir Amritsar have Changed my name to Dina Nath
I, Rakesh kumar S/o Joginder Nath R/o hno 68 S.G enclave Majitha road bye pass Amritsar Punjab have change my name to Rakesh kapahi
I, ramesh kapahi S/o Joginder pal kapahi R/o hno 68 S.G enclave Majitha road bye pass Amritsar declare that in my passport my father name is wrongly mentioned as Joginder Nath but his correct name is Joginder pal kapahi
I, Amandeep Singh S/o Amar Singh Lamba R/o 338, Shastri Nagar, Near B.R Modern School, Amritsar Have Changed My Name To Amandeep Singh Lamba. All Concerned Please Note.
I, Jasmine Kaur W/o Amandeep Singh Lamba R/o 338, Shastri Nagar, Near B.R Modern School, Amritsar Have Changed My Name To Jasmine Lamba. All Concerned Please Note.
I, Gurmehar Kaur Seth W/o Asees Lamba R/o 338, Shastri Nagar, Near B.R Modern School, Amritsar Have Changed My Name After Marriage To Gurmehar Lamba. All Concerned Please Note.
I, Shilpa W/o Pankaj Kumar Rajpurohit R/o 64-65,Holy Estate, Holy City, Ajnala By pass, Amritsar Punjab has changed my name to Shilpa Rajpurohit.
I, Manjot Singh S/o Harbhej Singh R/O VPO Saidpur, Tehsil Baba Bakala, Distt. Amritsar, I have changed my given name Manjot Singh to Manjot Singh Grewal.
I, Maninder Singh Randhawa S/o Kuldip Singh R/o Vpo Thara, Tehsil & Distt Tarn Taran, Punjab Have Changed The Name Of My Minor Son Sobtpreet Singh Randhawa Age 15 Years And His Name Be Known As Sobtpreet Singh.
I hitherto known as PATWANT KAUR W/o RAGHBIR SINGH R/o VILLAGE RAIPUR BALEEN, TEHSIL PATTI, DISTT TARN TARAN-143410, PUNJAB have changed my name and shall here after be known as KASHMIR KAUR.
I hitherto known as SAHAB SINGH S/o ANOKH SINGH R/o H.NO. 271, VILLAGE CHAUGAWAN, TEHSIL AJNALA, DISTT AMRITSAR-143001, PUNJAB, have changed my name and shall here after be known as SAHIB SINGH.
I hitherto known as SAUNI DEVI W/o HUKAM SINGH R/O VILLAGE PANJ DHERA JAGATPURA, TEHSIL PHILLAUR, DISTT JALANDHAR, PUNJAB have changed my name and shall hereafter be known as SONIA.
I hitherto known as MINDER PAL S/O MALKAT RAM R/O VILLAGE SAILKIANA, TEHSIL PHILLAUR, DISTT JALANDHAR, PUNJAB, have changed my name and shall hereafter be known as MOHINDER PAL.
I hitherto known as KULWANT SINGH RAHELLU S/o RATTAN SINGH R/O VILLAGE MEHSAMPUR, TEHSIL PHILLAUR, DISTT JALANDHAR-144035, PUNJAB, have changed my name and shall here after be known
ਨਾਂਅ ਬਦਲੀ
ਮੈਂ ਬਲਜੀਤ ਸਿੰਘ ਪੁੱਤਰ ਸੋਹਣ ਸਿੰਘ ਵਾਸੀ ਗਲੀ ਨੰ: 2, ਗੁਰੂ ਨਾਨਕ ਨਗਰ ਜਲੰਧਰ ਨੇ ਆਪਣਾ ਨਾਮ ਬਦਲ ਕੇ ਬਲਜੀਤ ਸਿੰਘ ਗਿੱਲ ਰੱਖ ਲਿਆ ਹੈ।
ਮੈਂ ਕੁਲਵੰਤ ਕੌਰ ਪਤਨੀ ਸੁਰਜੀਤ ਸਿੰਘ ਵਾਸੀ ਪਿੰਡ ਬਾਸੀਆਂ ਨੇ ਆਪਣਾ ਨਾਮ ਕੁਲਵੰਤ ਕੌਰ ਬਾਸੀ ਰੱਖ ਲਿਆ ਹੈ। ਸਬੰਧਤ ਨੋਟ ਕਰਨ।
ਮੈਂ ਹਰਜੀਤ ਕੌਰ ਪਤਨੀ ਗੁਰਨਾਮ ਸਿੰਘ ਵਾਸੀ ਗੁਰੂ ਤੇਗ ਬਹਾਦਰ ਨਗਰ ਜਲੰਧਰ ਨੇ ਆਪਣਾ ਨਾਮ ਹਰਜੀਤ ਕੌਰ ਸੰਧੂ ਰੱਖ ਲਿਆ ਹੈ।
ਮੈਂ ਜਸਵਿੰਦਰ ਸਿੰਘ ਪੁੱਤਰ ਦਲਬੀਰ ਸਿੰਘ ਵਾਸੀ ਮਕਾਨ ਨੰਬਰ 1/53 ਬਸਤੀ ਸ਼ੇਖ ਜਲੰਧਰ ਨੇ ਆਪਣਾ ਨਾਮ ਜਸਵਿੰਦਰ ਸਿੰਘ ਰੱਖ ਲਿਆ ਹੈ।
ਮੈਂ ਮਨਿੰਦਰ ਕੌਰ ਪੁੱਤਰੀ ਹਰਜੀਤ ਸਿੰਘ ਵਾਸੀ ਫਗਵਾੜਾ ਨੇ ਆਪਣਾ ਨਾਮ ਮਨਿੰਦਰ ਕੌਰ ਰੱਖ ਲਿਆ ਹੈ।
ਮੈਂ ਗੁਰਚਰਨ ਸਿੰਘ ਪੁੱਤਰ ਕਰਤਾਰ ਸਿੰਘ ਵਾਸੀ ਹੁਸ਼ਿਆਰਪੁਰ ਨੇ ਆਪਣਾ ਨਾਮ ਗੁਰਚਰਨ ਸਿੰਘ ਸੈਣੀ ਰੱਖ ਲਿਆ ਹੈ।
ਮੈਂ ਹਰਪ੍ਰੀਤ ਸਿੰਘ ਪੁੱਤਰ ਕੁਲਵੰਤ ਸਿੰਘ ਵਾਸੀ ਪਿੰਡ ਲਿੱਧੜਾਂ ਨੇ ਆਪਣਾ ਨਾਮ ਹਰਪ੍ਰੀਤ ਸਿੰਘ ਰੱਖ ਲਿਆ ਹੈ।
ਮੈਂ ਗੁਰਜਿੰਦਰ ਸਿੰਘ ਪੁੱਤਰ ਨਿਰਮਲ ਸਿੰਘ ਵਾਸੀ ਅੰਮ੍ਰਿਤਸਰ ਨੇ ਆਪਣਾ ਨਾਮ ਗੁਰਜਿੰਦਰ ਸਿੰਘ ਰੱਖ ਲਿਆ ਹੈ।
CHANGE OF NAME
I Sukhjeet Singh S/O Jagdev Singh R/O Vpo. Khukhrana Distt. Moga Have Changed My Name To Sukhjeet Singh Punia.
I Gurveer Kaur D/O Randhir Singh R/O Godhewala Distt. Moga Have Changed My Name To Gurveer Kaur Gill.
I, Darshana Kumari W/o Darshan Singh R/o VPO Moranwali, Tehsil Garhshankar, Distt. Hoshiarpur, Punjab, India have changed my name from Darshana Kumari to Darshana. All concerned note.
I, Harmeet Kaur W/o Rakesh Bansal R/o H.No. 803 Street No.2 Master Colony, Tarn Taran Tehsil & District Tarn Taran declare that in my husband passport, my name has been mentioned as Harmeet Bansal, which is wrong. That my real name is Harmeet Kaur according to my Adhar card No. 6110-5761-5521. That I want to change my name Harmeet Bansal to Harmeet Kaur.
PUBLIC NOTICE
WE, (1) KAMALJIT KAUR WD/O SHRI SUKHJINDER SINGH AND (2) SUKHJINDER SINGH S/O SHRI HARBHAJAN SINGH, BOTH R/O HOUSE NO.1500/8, TIBRI ROAD, NEAR PARK, DASHMESH NAGAR, GURDASPUR, THAT THE ORIGINAL SALE DEED DATED 03-09-2012 VIDE DOCUMENT NO.2773, ZILD NO.4968, PAGE NO.100, BAHI NO.1 OF PROPERTY MEASURING 6 MARLA OUT OF KHASRA NO.27/14 (5-16), SITUATED AT MOHALLA DASHMESH NAGAR SAHIJADA NAGAR, GURDASPUR, HADBEST NO. 336, TEHSIL AND DISTRICT GURDASPUR EXECUTED BY SHRI GURCHARAN SINGH S/O SHRI GURDIAL SINGH IN FAVOUR OF SMT. PARMINDER KAUR W/O SHRI JAMAL SINGH HAS BEEN LOST. GENERAL DAIRY REPORT VIDE SR. NO. 052 DATED 26-08-2025 HAS BEEN DONE WITH PS, CITY GURDASPUR. WE ARE GOING TO RAISE EDUCATION LOAN AGAINST THIS PROPERTY FROM PUNJAB GRAMIN BANK, BRANCH TARAGARH, DISTRICT GURDASPUR. IF ANYONE HAS ANY OBJECTION THEN HE CAN CONTACT-9653233333 WITHIN 15 DAYS. AFTER THIS PERIOD NO ISSUE WILL BE ENTERTAINED.
DISINHERITANCE NOTICE
I, Kulbir Singh s/o Kesar Singh R/o Near I.T.I. Dholwala Road, Hariana, District Hoshiarpur, declare that my son 'Harjot Singh', wife 'Gurshinder Kaur' & daughter 'Taranjot Kaur' are out of my control, so I dis-inherited them from my moveable / immoveable property, if anybody deals with them or gives them any kind of loan etc. or if they perform any illegal formalities then I will not be held responsible. All concerned please note.
ਬੇਦਖਲੀ ਨੋਟਿਸ
ਮੈਂ ਸਰਬਜੀਤ ਕੌਰ ਪਤਨੀ ਸਵਰਗੀ ਮਲਕੀਤ ਸਿੰਘ ਵਾਸੀ ਪਿੰਡ ਬੰਡਾਲਾ ਆਪਣੇ ਪੁੱਤਰ ਨੂੰ ਆਪਣੀ ਜਾਇਦਾਦ ਤੋਂ ਬੇਦਖਲ ਕਰਦੀ ਹਾਂ। ਸਬੰਧਤ ਨੋਟ ਕਰਨ।
ਬੇਦਖਲੀ ਨੋਟਿਸ
ਮੈਂ ਬਲਬੀਰ ਸਿੰਘ ਪੁੱਤਰ ਕਰਤਾਰ ਸਿੰਘ ਵਾਸੀ ਪਿੰਡ ਨੂਰਮਹਿਲ ਆਪਣੇ ਪੁੱਤਰ ਅਤੇ ਨੂੰਹ ਨੂੰ ਆਪਣੀ ਚੱਲ ਅਚੱਲ ਜਾਇਦਾਦ ਤੋਂ ਬੇਦਖਲ ਕਰਦਾ ਹਾਂ। ਉਨ੍ਹਾਂ ਨਾਲ ਲੈਣ ਦੇਣ ਕਰਨ ਵਾਲਾ ਖੁਦ ਜ਼ਿੰਮੇਵਾਰ ਹੋਵੇਗਾ।
ਮੈਂ ਸੁਖਵਿੰਦਰ ਸਿੰਘ ਪੁੱਤਰ ਜਗਜੀਤ ਸਿੰਘ ਵਾਸੀ ਪਿੰਡ ਬੁੱਟਰ ਆਪਣੇ ਪੁੱਤਰ ਨੂੰ ਬੇਦਖਲ ਕਰਦਾ ਹਾਂ, ਕਿਉਂਕਿ ਉਹ ਸਾਡੇ ਕਹਿਣੇ ਤੋਂ ਬਾਹਰ ਹੈ।
ਮੈਂ ਗੁਰਮੀਤ ਕੌਰ ਪਤਨੀ ਸਵਰਗੀ ਸੁਰਜੀਤ ਸਿੰਘ ਵਾਸੀ ਜਲੰਧਰ ਛਾਉਣੀ ਆਪਣੇ ਪੁੱਤਰ ਨੂੰ ਆਪਣੀ ਜਾਇਦਾਦ ਤੋਂ ਬੇਦਖਲ ਕਰਦੀ ਹਾਂ।
ਮੈਂ ਰਾਜਵਿੰਦਰ ਸਿੰਘ ਪੁੱਤਰ ਮਹਿੰਦਰ ਸਿੰਘ ਵਾਸੀ ਪਿੰਡ ਚੱਕ ਆਪਣੇ ਪੁੱਤਰ ਅਤੇ ਨੂੰਹ ਨੂੰ ਬੇਦਖਲ ਕਰਦਾ ਹਾਂ। ਸਬੰਧਤ ਨੋਟ ਕਰਨ।
ਮੈਂ ਜਸਵੰਤ ਸਿੰਘ ਪੁੱਤਰ ਕਰਨੈਲ ਸਿੰਘ ਵਾਸੀ ਪਿੰਡ ਕੋਟਲੀ ਆਪਣੀ ਧੀ ਅਤੇ ਜਵਾਈ ਨੂੰ ਆਪਣੀ ਜਾਇਦਾਦ ਤੋਂ ਬੇਦਖਲ ਕਰਦਾ ਹਾਂ।
ਅਸੀਂ ਹਰਭਜਨ ਸਿੰਘ ਪੁੱਤਰ ਗੁਰਦਿਆਲ ਸਿੰਘ ਅਤੇ ਪਰਮਜੀਤ ਕੌਰ ਵਾਸੀ ਪਿੰਡ ਧਾਲੀਵਾਲ ਆਪਣੇ ਪੁੱਤਰ ਨੂੰ ਬੇਦਖਲ ਕਰਦੇ ਹਾਂ।
ਮੈਂ ਨਿਰਮਲ ਕੌਰ ਪਤਨੀ ਜੋਗਿੰਦਰ ਸਿੰਘ ਵਾਸੀ ਪਿੰਡ ਸ਼ੰਕਰ ਆਪਣੇ ਪੁੱਤਰ ਨੂੰ ਆਪਣੀ ਚੱਲ ਅਚੱਲ ਜਾਇਦਾਦ ਤੋਂ ਬੇਦਖਲ ਕਰਦੀ ਹਾਂ।
ਮੈਂ ਕੁਲਦੀਪ ਸਿੰਘ ਪੁੱਤਰ ਬਚਨ ਸਿੰਘ ਵਾਸੀ ਪਿੰਡ ਮਾਹਲਾ ਆਪਣੇ ਪੁੱਤਰ ਨੂੰ ਬੇਦਖਲ ਕਰਦਾ ਹਾਂ। ਉਸ ਨਾਲ ਲੈਣ ਦੇਣ ਕਰਨ ਵਾਲਾ ਖੁਦ ਜ਼ਿੰਮੇਵਾਰ ਹੋਵੇਗਾ।
ਮੈਂ ਅਵਤਾਰ ਸਿੰਘ ਪੁੱਤਰ ਗੁਰਬਖਸ਼ ਸਿੰਘ ਵਾਸੀ ਪਿੰਡ ਬਿਲਗਾ ਆਪਣੇ ਪੁੱਤਰ ਅਤੇ ਨੂੰਹ ਨੂੰ ਬੇਦਖਲ ਕਰਦਾ ਹਾਂ।
ਮੈਂ ਦਲਜੀਤ ਸਿੰਘ ਪੁੱਤਰ ਸੰਤੋਖ ਸਿੰਘ ਵਾਸੀ ਪਿੰਡ ਸ਼ਾਹਕੋਟ ਆਪਣੇ ਪੁੱਤਰ ਨੂੰ ਆਪਣੀ ਜਾਇਦਾਦ ਤੋਂ ਬੇਦਖਲ ਕਰਦਾ ਹਾਂ।
ਆਮ ਸੂਚਨਾ
ਮੇਰਾ ਅਸਲਾ ਲਾਇਸੈਂਸ ਗੁੰਮ ਹੋ ਗਿਆ ਹੈ, ਜੇਕਰ ਕਿਸੇ ਨੂੰ ਮਿਲੇ ਤਾਂ ਸੰਪਰਕ ਕਰੇ। ਸਬੰਧਤ ਨੋਟ ਕਰਨ।
ਮੇਰੀ ਗੱਡੀ ਦੀ ਆਰ.ਸੀ. ਗੁੰਮ ਹੋ ਗਈ ਹੈ। ਜੇਕਰ ਕਿਸੇ ਨੂੰ ਮਿਲੇ ਤਾਂ ਸੰਪਰਕ ਕਰੇ।
ਆਮ ਸੂਚਨਾ
ਮੇਰਾ ਪਾਸਪੋਰਟ ਗੁੰਮ ਹੋ ਗਿਆ ਹੈ। ਜੇਕਰ ਕਿਸੇ ਨੂੰ ਮਿਲੇ ਤਾਂ ਨੇੜਲੇ ਥਾਣੇ ਵਿੱਚ ਜਮ੍ਹਾਂ ਕਰਵਾਵੇ।
